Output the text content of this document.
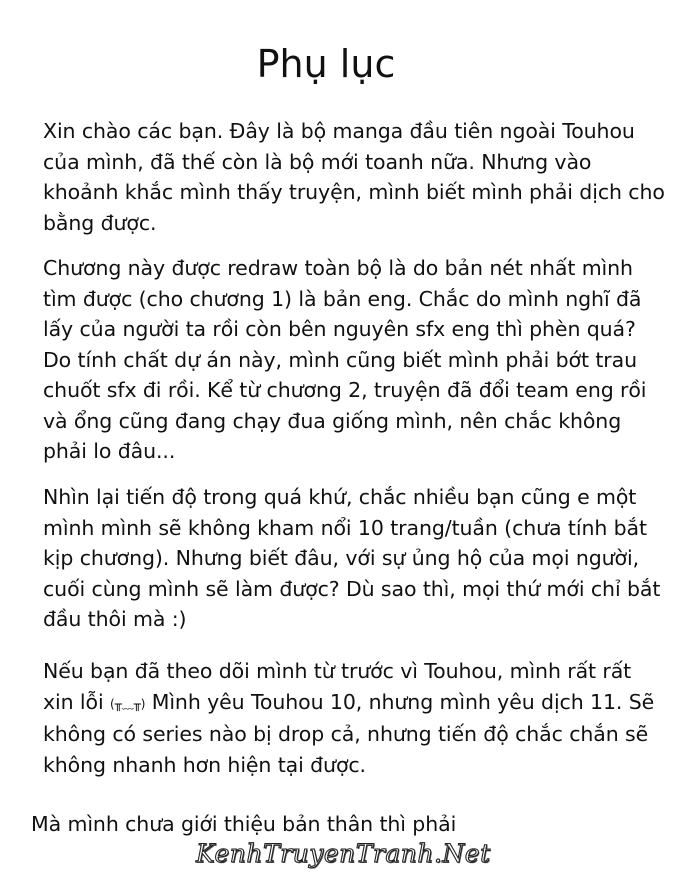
Phụ lục

Xin chào các bạn. Đây là bộ manga đầu tiên ngoài Touhou của mình, đã thế còn là bộ mới toanh nữa. Nhưng vào khoảnh khắc mình thấy truyện, mình biết mình phải dịch cho bằng được.

Chương này được redraw toàn bộ là do bản nét nhất mình tìm được (cho chương 1) là bản eng. Chắc do mình nghĩ đã lấy của người ta rồi còn bên nguyên sfx eng thì phèn quá? Do tính chất dự án này, mình cũng biết mình phải bớt trau chuốt sfx đi rồi. Kể từ chương 2, truyện đã đổi team eng rồi và ổng cũng đang chạy đua giống mình, nên chắc không phải lo đâu...

Nhìn lại tiến độ trong quá khứ, chắc nhiều bạn cũng e một mình mình sẽ không kham nổi 10 trang/tuần (chưa tính bắt kịp chương). Nhưng biết đâu, với sự ủng hộ của mọi người, cuối cùng mình sẽ làm được? Dù sao thì, mọi thứ mới chỉ bắt đầu thôi mà :)

Nếu bạn đã theo dõi mình từ trước vì Touhou, mình rất rất xin lỗi (╥﹏╥) Mình yêu Touhou 10, nhưng mình yêu dịch 11. Sẽ không có series nào bị drop cả, nhưng tiến độ chắc chắn sẽ không nhanh hơn hiện tại được.

Mà mình chưa giới thiệu bản thân thì phải

KenhTruyenTranh.Net
